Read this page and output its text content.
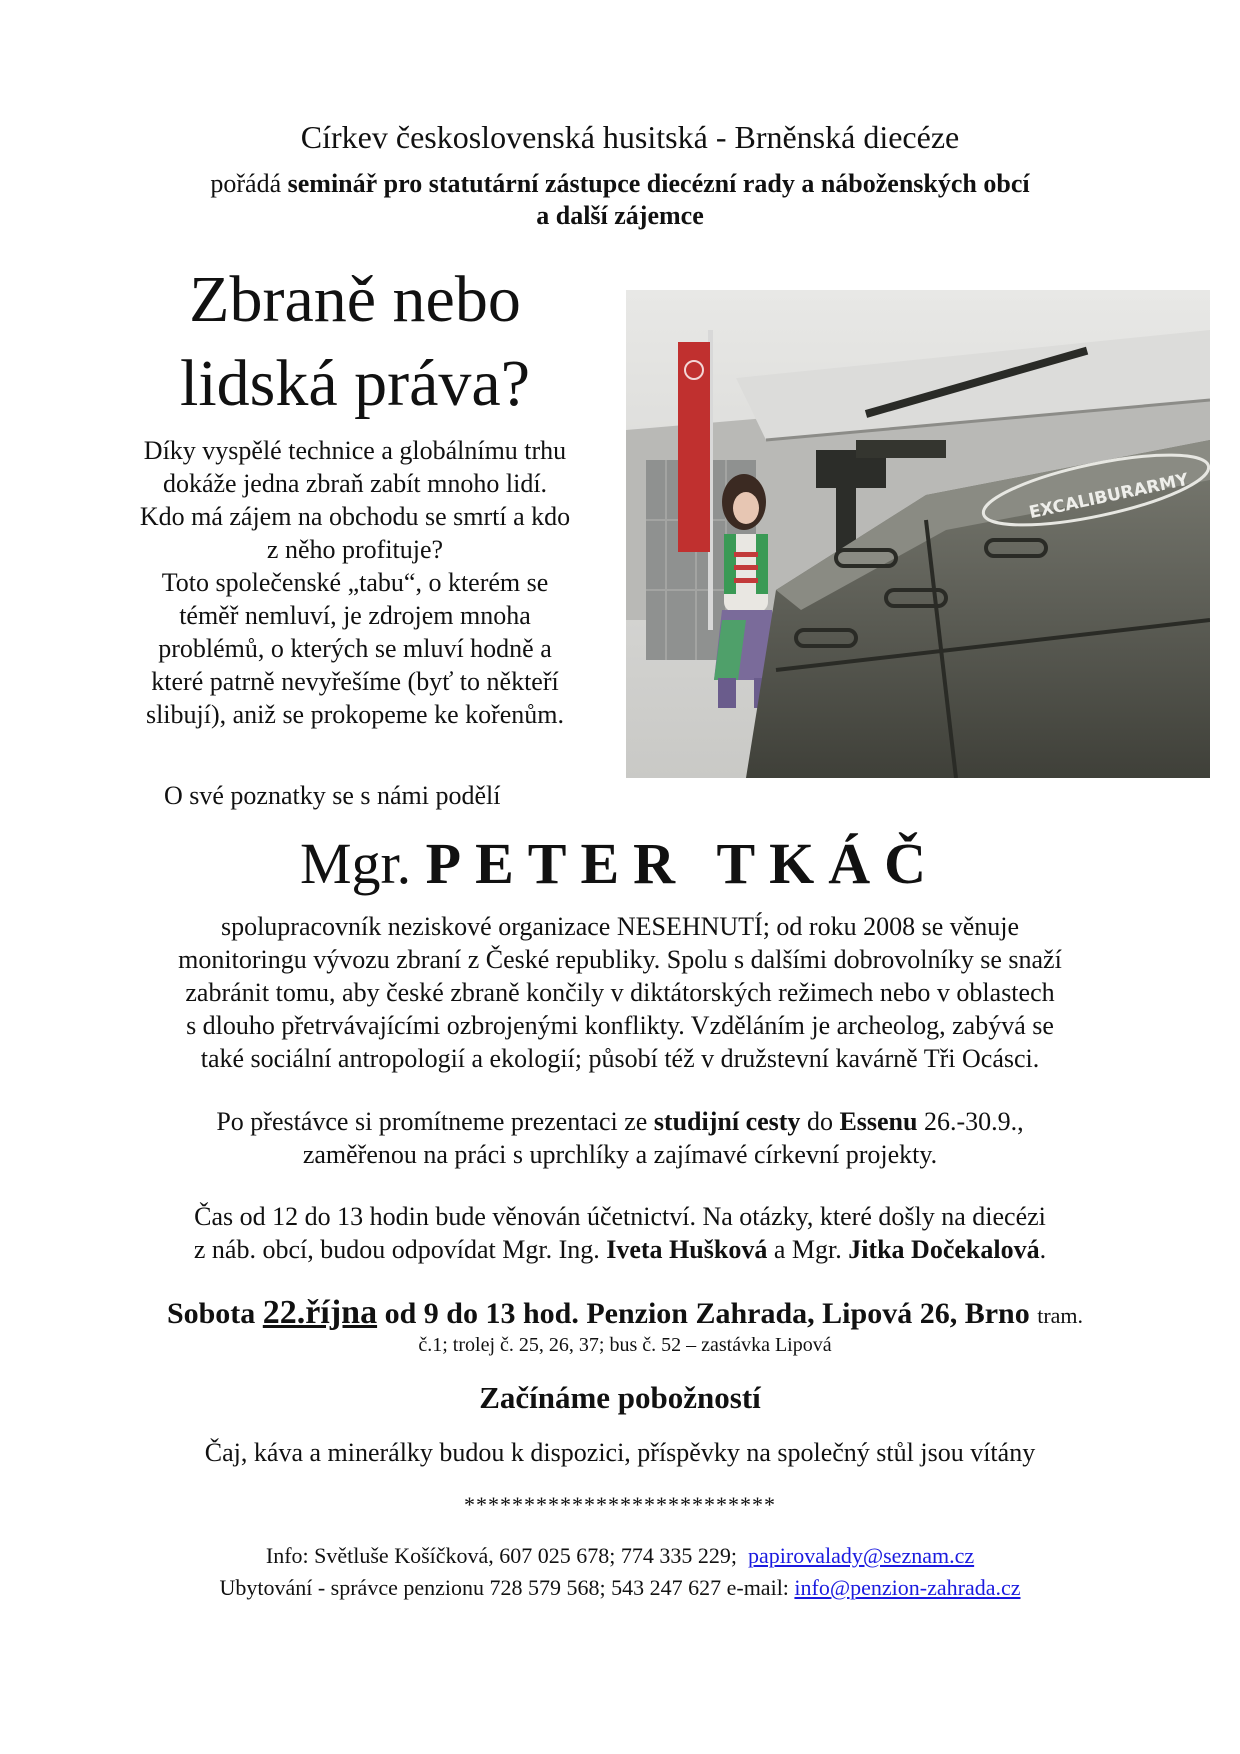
Církev československá husitská - Brněnská diecéze
pořádá seminář pro statutární zástupce diecézní rady a náboženských obcí
a další zájemce
Zbraně nebo
lidská práva?
Díky vyspělé technice a globálnímu trhu
dokáže jedna zbraň zabít mnoho lidí.
Kdo má zájem na obchodu se smrtí a kdo
z něho profituje?
Toto společenské „tabu“, o kterém se
téměř nemluví, je zdrojem mnoha
problémů, o kterých se mluví hodně a
které patrně nevyřešíme (byť to někteří
slibují), aniž se prokopeme ke kořenům.
EXCALIBURARMY
O své poznatky se s námi podělí
Mgr. PETER TKÁČ
spolupracovník neziskové organizace NESEHNUTÍ; od roku 2008 se věnuje
monitoringu vývozu zbraní z České republiky. Spolu s dalšími dobrovolníky se snaží
zabránit tomu, aby české zbraně končily v diktátorských režimech nebo v oblastech
s dlouho přetrvávajícími ozbrojenými konflikty. Vzděláním je archeolog, zabývá se
také sociální antropologií a ekologií; působí též v družstevní kavárně Tři Ocásci.
Po přestávce si promítneme prezentaci ze studijní cesty do Essenu 26.-30.9.,
zaměřenou na práci s uprchlíky a zajímavé církevní projekty.
Čas od 12 do 13 hodin bude věnován účetnictví. Na otázky, které došly na diecézi
z náb. obcí, budou odpovídat Mgr. Ing. Iveta Hušková a Mgr. Jitka Dočekalová.
Sobota 22.října od 9 do 13 hod. Penzion Zahrada, Lipová 26, Brno tram.
č.1; trolej č. 25, 26, 37; bus č. 52 – zastávka Lipová
Začínáme pobožností
Čaj, káva a minerálky budou k dispozici, příspěvky na společný stůl jsou vítány
**************************
Info: Světluše Košíčková, 607 025 678; 774 335 229; papirovalady@seznam.cz
Ubytování - správce penzionu 728 579 568; 543 247 627 e-mail: info@penzion-zahrada.cz
